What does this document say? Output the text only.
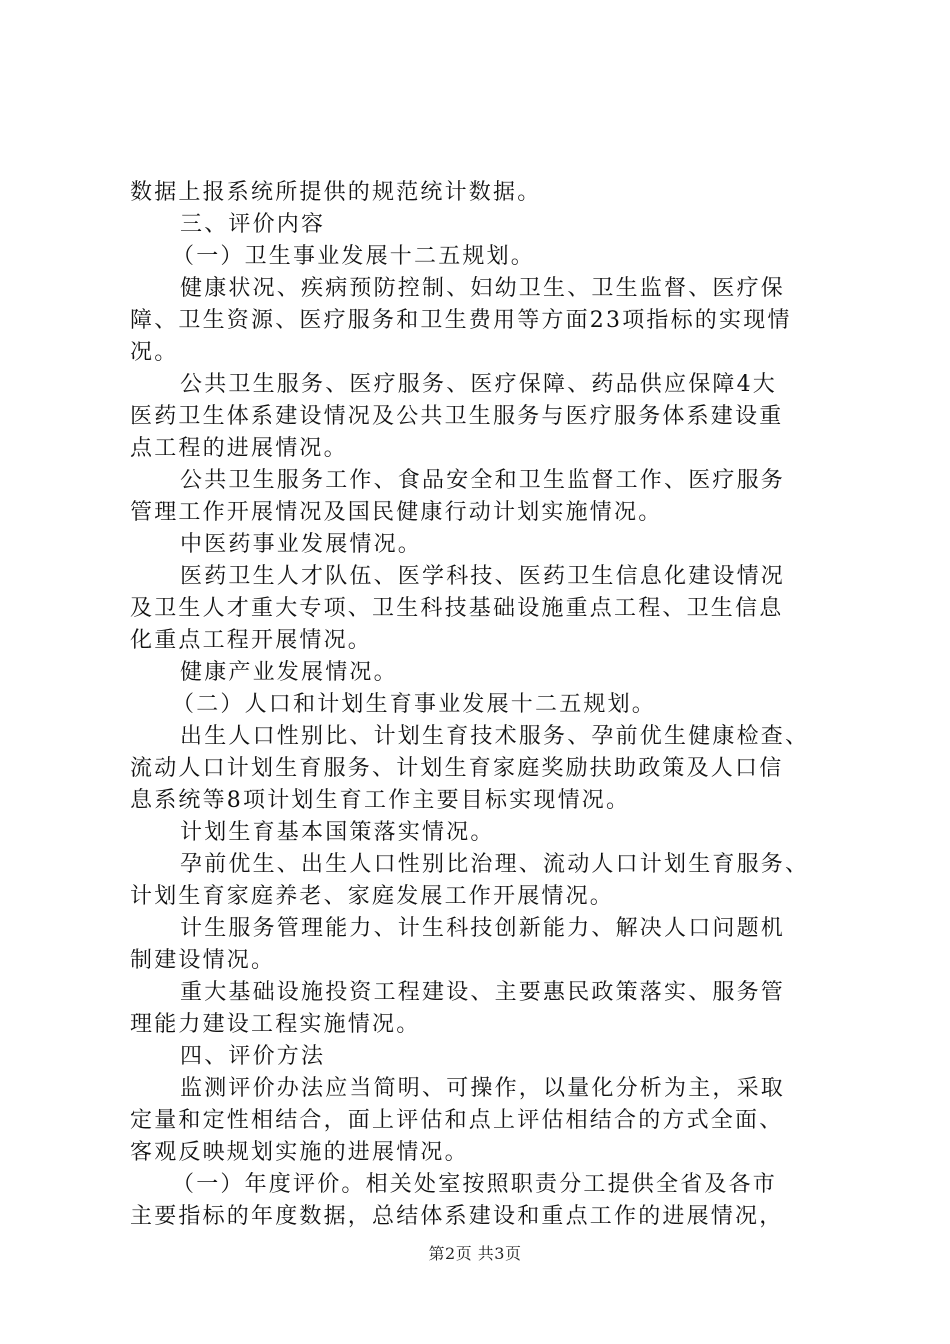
数据上报系统所提供的规范统计数据。
三、评价内容
（一）卫生事业发展十二五规划。
健康状况、疾病预防控制、妇幼卫生、卫生监督、医疗保
障、卫生资源、医疗服务和卫生费用等方面23项指标的实现情
况。
公共卫生服务、医疗服务、医疗保障、药品供应保障4大
医药卫生体系建设情况及公共卫生服务与医疗服务体系建设重
点工程的进展情况。
公共卫生服务工作、食品安全和卫生监督工作、医疗服务
管理工作开展情况及国民健康行动计划实施情况。
中医药事业发展情况。
医药卫生人才队伍、医学科技、医药卫生信息化建设情况
及卫生人才重大专项、卫生科技基础设施重点工程、卫生信息
化重点工程开展情况。
健康产业发展情况。
（二）人口和计划生育事业发展十二五规划。
出生人口性别比、计划生育技术服务、孕前优生健康检查、
流动人口计划生育服务、计划生育家庭奖励扶助政策及人口信
息系统等8项计划生育工作主要目标实现情况。
计划生育基本国策落实情况。
孕前优生、出生人口性别比治理、流动人口计划生育服务、
计划生育家庭养老、家庭发展工作开展情况。
计生服务管理能力、计生科技创新能力、解决人口问题机
制建设情况。
重大基础设施投资工程建设、主要惠民政策落实、服务管
理能力建设工程实施情况。
四、评价方法
监测评价办法应当简明、可操作，以量化分析为主，采取
定量和定性相结合，面上评估和点上评估相结合的方式全面、
客观反映规划实施的进展情况。
（一）年度评价。相关处室按照职责分工提供全省及各市
主要指标的年度数据，总结体系建设和重点工作的进展情况，
第2页 共3页
